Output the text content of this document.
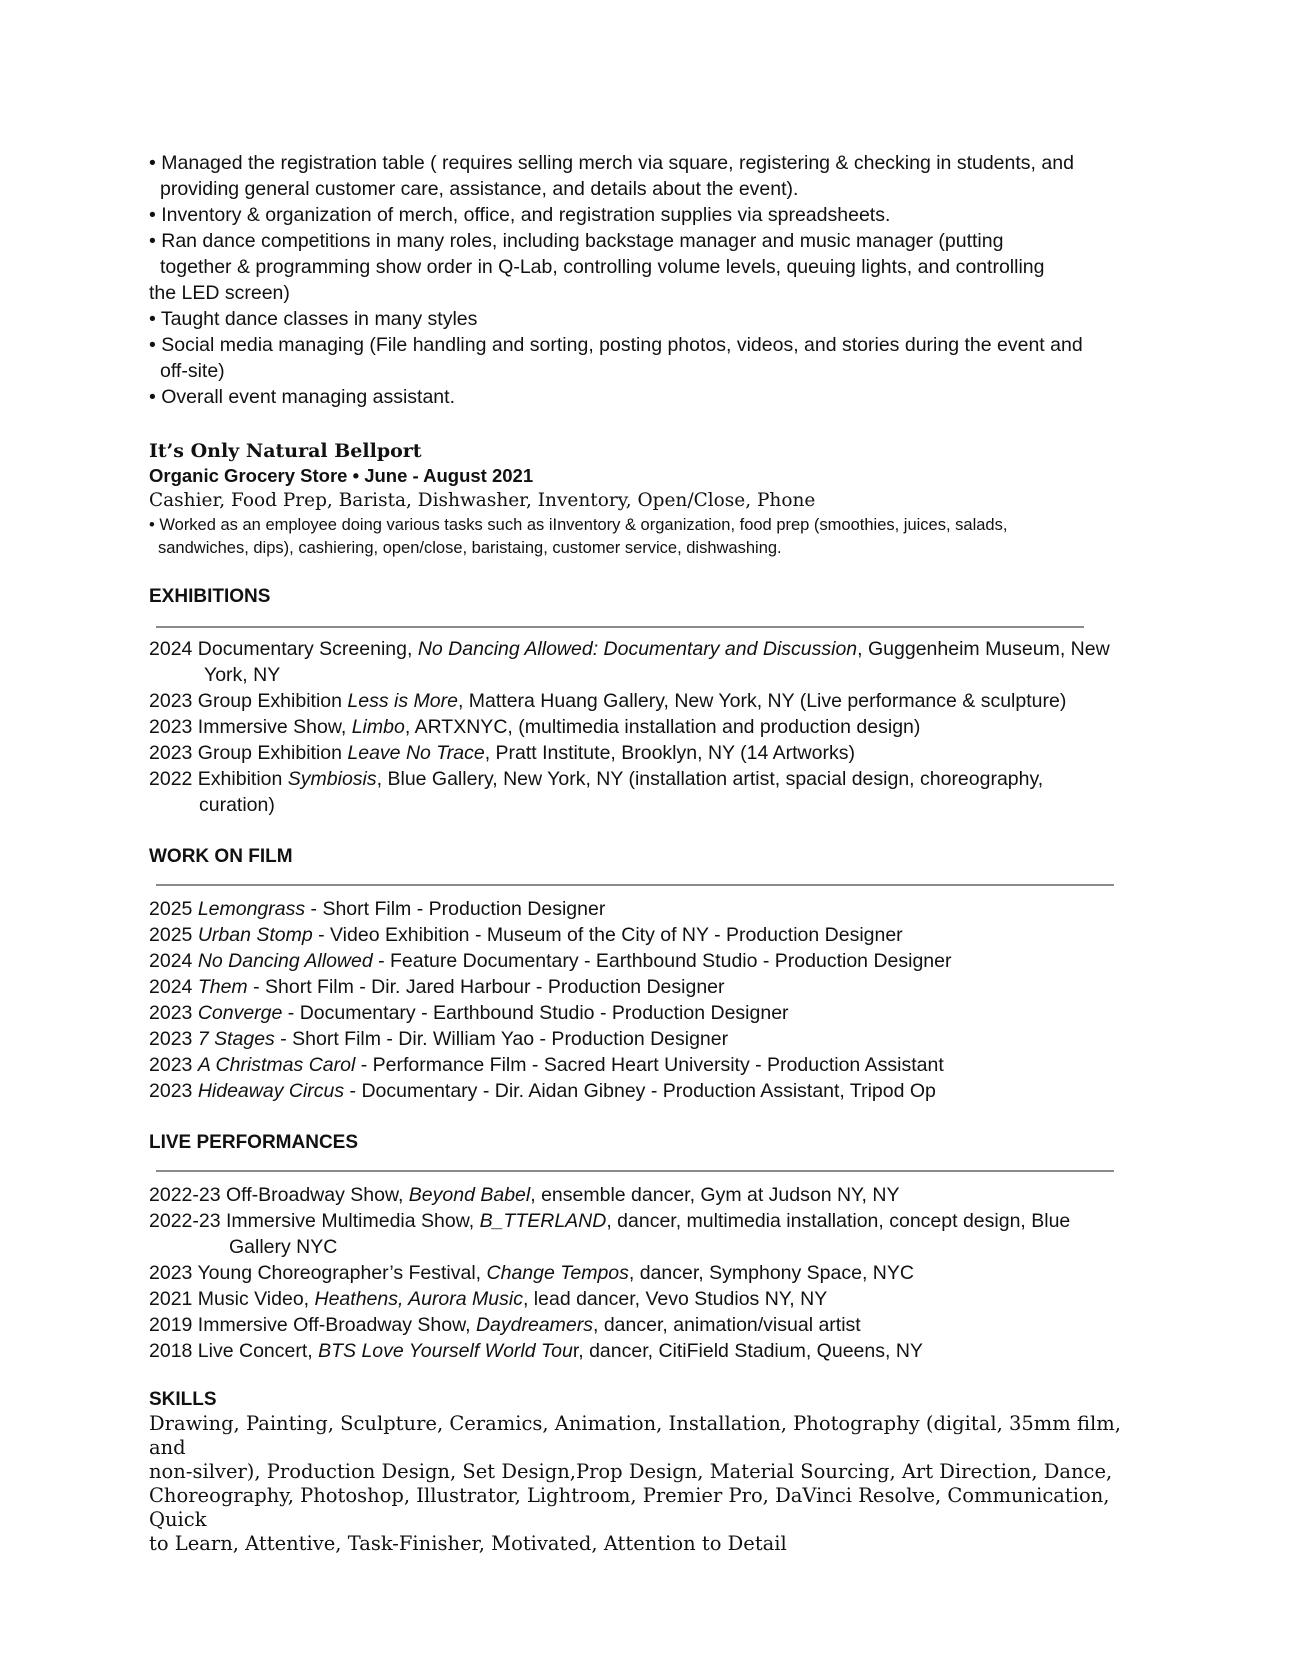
• Managed the registration table ( requires selling merch via square, registering & checking in students, and

providing general customer care, assistance, and details about the event).

• Inventory & organization of merch, office, and registration supplies via spreadsheets.

• Ran dance competitions in many roles, including backstage manager and music manager (putting

together & programming show order in Q-Lab, controlling volume levels, queuing lights, and controlling

the LED screen)

• Taught dance classes in many styles

• Social media managing (File handling and sorting, posting photos, videos, and stories during the event and

off-site)

• Overall event managing assistant.

It’s Only Natural Bellport

Organic Grocery Store • June - August 2021

Cashier, Food Prep, Barista, Dishwasher, Inventory, Open/Close, Phone

• Worked as an employee doing various tasks such as iInventory & organization, food prep (smoothies, juices, salads,

sandwiches, dips), cashiering, open/close, baristaing, customer service, dishwashing.

EXHIBITIONS

2024 Documentary Screening, No Dancing Allowed: Documentary and Discussion, Guggenheim Museum, New

York, NY

2023 Group Exhibition Less is More, Mattera Huang Gallery, New York, NY (Live performance & sculpture)

2023 Immersive Show, Limbo, ARTXNYC, (multimedia installation and production design)

2023 Group Exhibition Leave No Trace, Pratt Institute, Brooklyn, NY (14 Artworks)

2022 Exhibition Symbiosis, Blue Gallery, New York, NY (installation artist, spacial design, choreography,

curation)

WORK ON FILM

2025 Lemongrass - Short Film - Production Designer

2025 Urban Stomp - Video Exhibition - Museum of the City of NY - Production Designer

2024 No Dancing Allowed - Feature Documentary - Earthbound Studio - Production Designer

2024 Them - Short Film - Dir. Jared Harbour - Production Designer

2023 Converge - Documentary - Earthbound Studio - Production Designer

2023 7 Stages - Short Film - Dir. William Yao - Production Designer

2023 A Christmas Carol - Performance Film - Sacred Heart University - Production Assistant

2023 Hideaway Circus - Documentary - Dir. Aidan Gibney - Production Assistant, Tripod Op

LIVE PERFORMANCES

2022-23 Off-Broadway Show, Beyond Babel, ensemble dancer, Gym at Judson NY, NY

2022-23 Immersive Multimedia Show, B_TTERLAND, dancer, multimedia installation, concept design, Blue

Gallery NYC

2023 Young Choreographer’s Festival, Change Tempos, dancer, Symphony Space, NYC

2021 Music Video, Heathens, Aurora Music, lead dancer, Vevo Studios NY, NY

2019 Immersive Off-Broadway Show, Daydreamers, dancer, animation/visual artist

2018 Live Concert, BTS Love Yourself World Tour, dancer, CitiField Stadium, Queens, NY

SKILLS

Drawing, Painting, Sculpture, Ceramics, Animation, Installation, Photography (digital, 35mm film, and

non-silver), Production Design, Set Design,Prop Design, Material Sourcing, Art Direction, Dance,

Choreography, Photoshop, Illustrator, Lightroom, Premier Pro, DaVinci Resolve, Communication, Quick

to Learn, Attentive, Task-Finisher, Motivated, Attention to Detail
